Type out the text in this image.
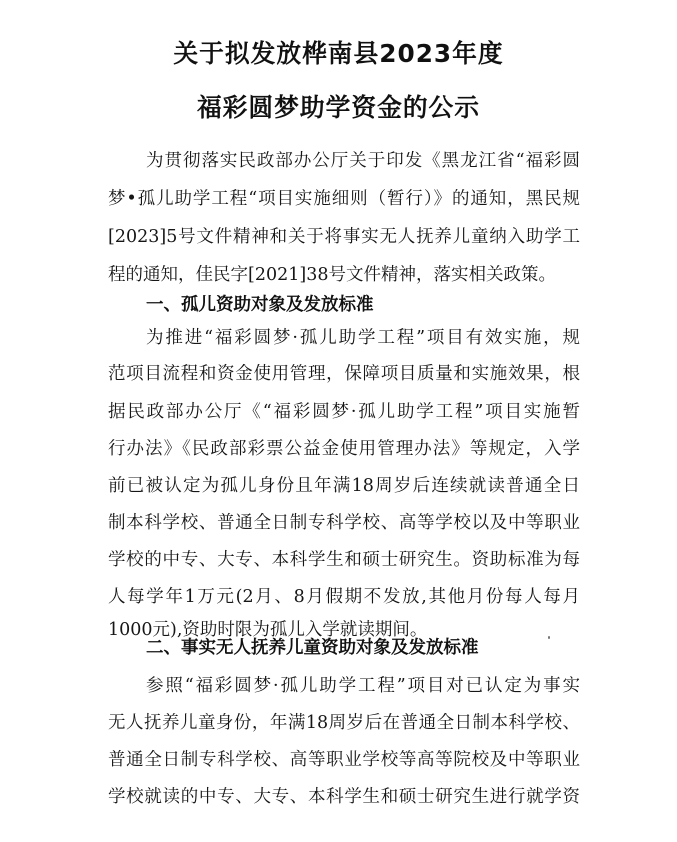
关于拟发放桦南县2023年度
福彩圆梦助学资金的公示
为贯彻落实民政部办公厅关于印发《黑龙江省“福彩圆
梦•孤儿助学工程“项目实施细则（暂行）》的通知，黑民规
[2023]5号文件精神和关于将事实无人抚养儿童纳入助学工
程的通知，佳民字[2021]38号文件精神，落实相关政策。
一、孤儿资助对象及发放标准
为推进“福彩圆梦·孤儿助学工程”项目有效实施，规
范项目流程和资金使用管理，保障项目质量和实施效果，根
据民政部办公厅《“福彩圆梦·孤儿助学工程”项目实施暂
行办法》《民政部彩票公益金使用管理办法》等规定，入学
前已被认定为孤儿身份且年满18周岁后连续就读普通全日
制本科学校、普通全日制专科学校、高等学校以及中等职业
学校的中专、大专、本科学生和硕士研究生。资助标准为每
人每学年1万元(2月、8月假期不发放,其他月份每人每月
1000元),资助时限为孤儿入学就读期间。
二、事实无人抚养儿童资助对象及发放标准
参照“福彩圆梦·孤儿助学工程”项目对已认定为事实
无人抚养儿童身份，年满18周岁后在普通全日制本科学校、
普通全日制专科学校、高等职业学校等高等院校及中等职业
学校就读的中专、大专、本科学生和硕士研究生进行就学资
